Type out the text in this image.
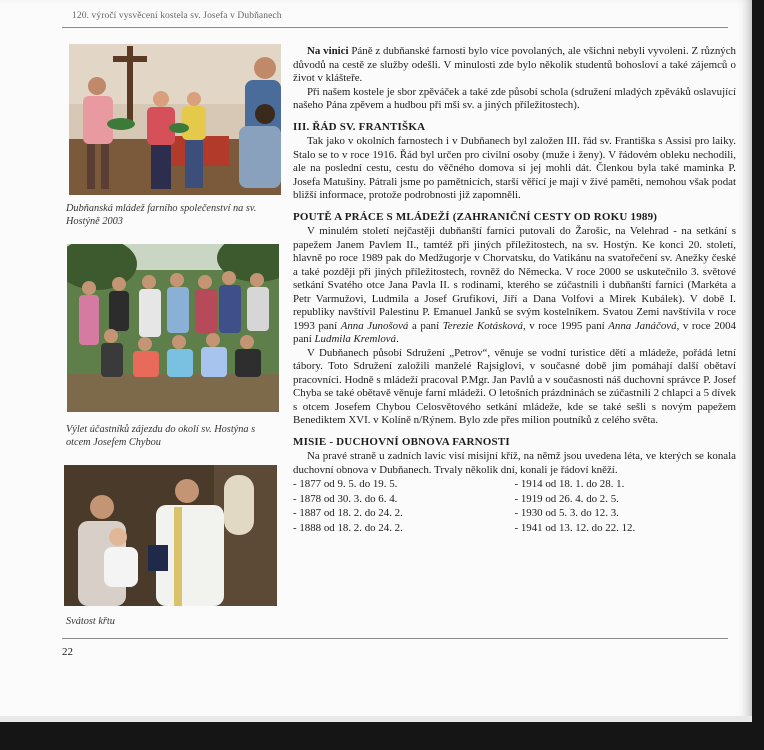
120. výročí vysvěcení kostela sv. Josefa v Dubňanech
Dubňanská mládež farního společenství na sv. Hostýně 2003
Výlet účastníků zájezdu do okolí sv. Hostýna s otcem Josefem Chybou
Svátost křtu

Na vinici Páně z dubňanské farnosti bylo více povolaných, ale všichni nebyli vyvoleni. Z různých důvodů na cestě ze služby odešli. V minulosti zde bylo několik studentů bohosloví a také zájemců o život v klášteře.

Při našem kostele je sbor zpěváček a také zde působí schola (sdružení mladých zpěváků oslavující našeho Pána zpěvem a hudbou při mši sv. a jiných příležitostech).

III. ŘÁD SV. FRANTIŠKA

Tak jako v okolních farnostech i v Dubňanech byl založen III. řád sv. Františka s Assisi pro laiky. Stalo se to v roce 1916. Řád byl určen pro civilní osoby (muže i ženy). V řádovém obleku nechodili, ale na poslední cestu, cestu do věčného domova si jej mohli dát. Členkou byla také maminka P. Josefa Matušiny. Pátrali jsme po pamětnicích, starší věřící je mají v živé paměti, nemohou však podat bližší informace, protože podrobnosti již zapomněli.

POUTĚ A PRÁCE S MLÁDEŽÍ (ZAHRANIČNÍ CESTY OD ROKU 1989)

V minulém století nejčastěji dubňanští farníci putovali do Žarošic, na Velehrad - na setkání s papežem Janem Pavlem II., tamtéž při jiných příležitostech, na sv. Hostýn. Ke konci 20. století, hlavně po roce 1989 pak do Medžugorje v Chorvatsku, do Vatikánu na svatořečení sv. Anežky české a také později při jiných příležitostech, rovněž do Německa. V roce 2000 se uskutečnilo 3. světové setkání Svatého otce Jana Pavla II. s rodinami, kterého se zúčastnili i dubňanští farníci (Markéta a Petr Varmužovi, Ludmila a Josef Grufikovi, Jiří a Dana Volfovi a Mirek Kubálek). V době I. republiky navštívil Palestinu P. Emanuel Janků se svým kostelníkem. Svatou Zemi navštívila v roce 1993 paní Anna Junošová a paní Terezie Kotásková, v roce 1995 paní Anna Janáčová, v roce 2004 paní Ludmila Kremlová.

V Dubňanech působí Sdružení „Petrov“, věnuje se vodní turistice dětí a mládeže, pořádá letní tábory. Toto Sdružení založili manželé Rajsiglovi, v současné době jim pomáhají další obětaví pracovníci. Hodně s mládeží pracoval P.Mgr. Jan Pavlů a v současnosti náš duchovní správce P. Josef Chyba se také obětavě věnuje farní mládeži. O letošních prázdninách se zúčastnili 2 chlapci a 5 dívek s otcem Josefem Chybou Celosvětového setkání mládeže, kde se také sešli s novým papežem Benediktem XVI. v Kolíně n/Rýnem. Bylo zde přes milion poutníků z celého světa.

MISIE - DUCHOVNÍ OBNOVA FARNOSTI

Na pravé straně u zadních lavic visí misijní kříž, na němž jsou uvedena léta, ve kterých se konala duchovní obnova v Dubňanech. Trvaly několik dní, konali je řádoví kněží.

- 1877 od 9. 5. do 19. 5.
- 1878 od 30. 3. do 6. 4.
- 1887 od 18. 2. do 24. 2.
- 1888 od 18. 2. do 24. 2.
- 1914 od 18. 1. do 28. 1.
- 1919 od 26. 4. do 2. 5.
- 1930 od 5. 3. do 12. 3.
- 1941 od 13. 12. do 22. 12.
22
